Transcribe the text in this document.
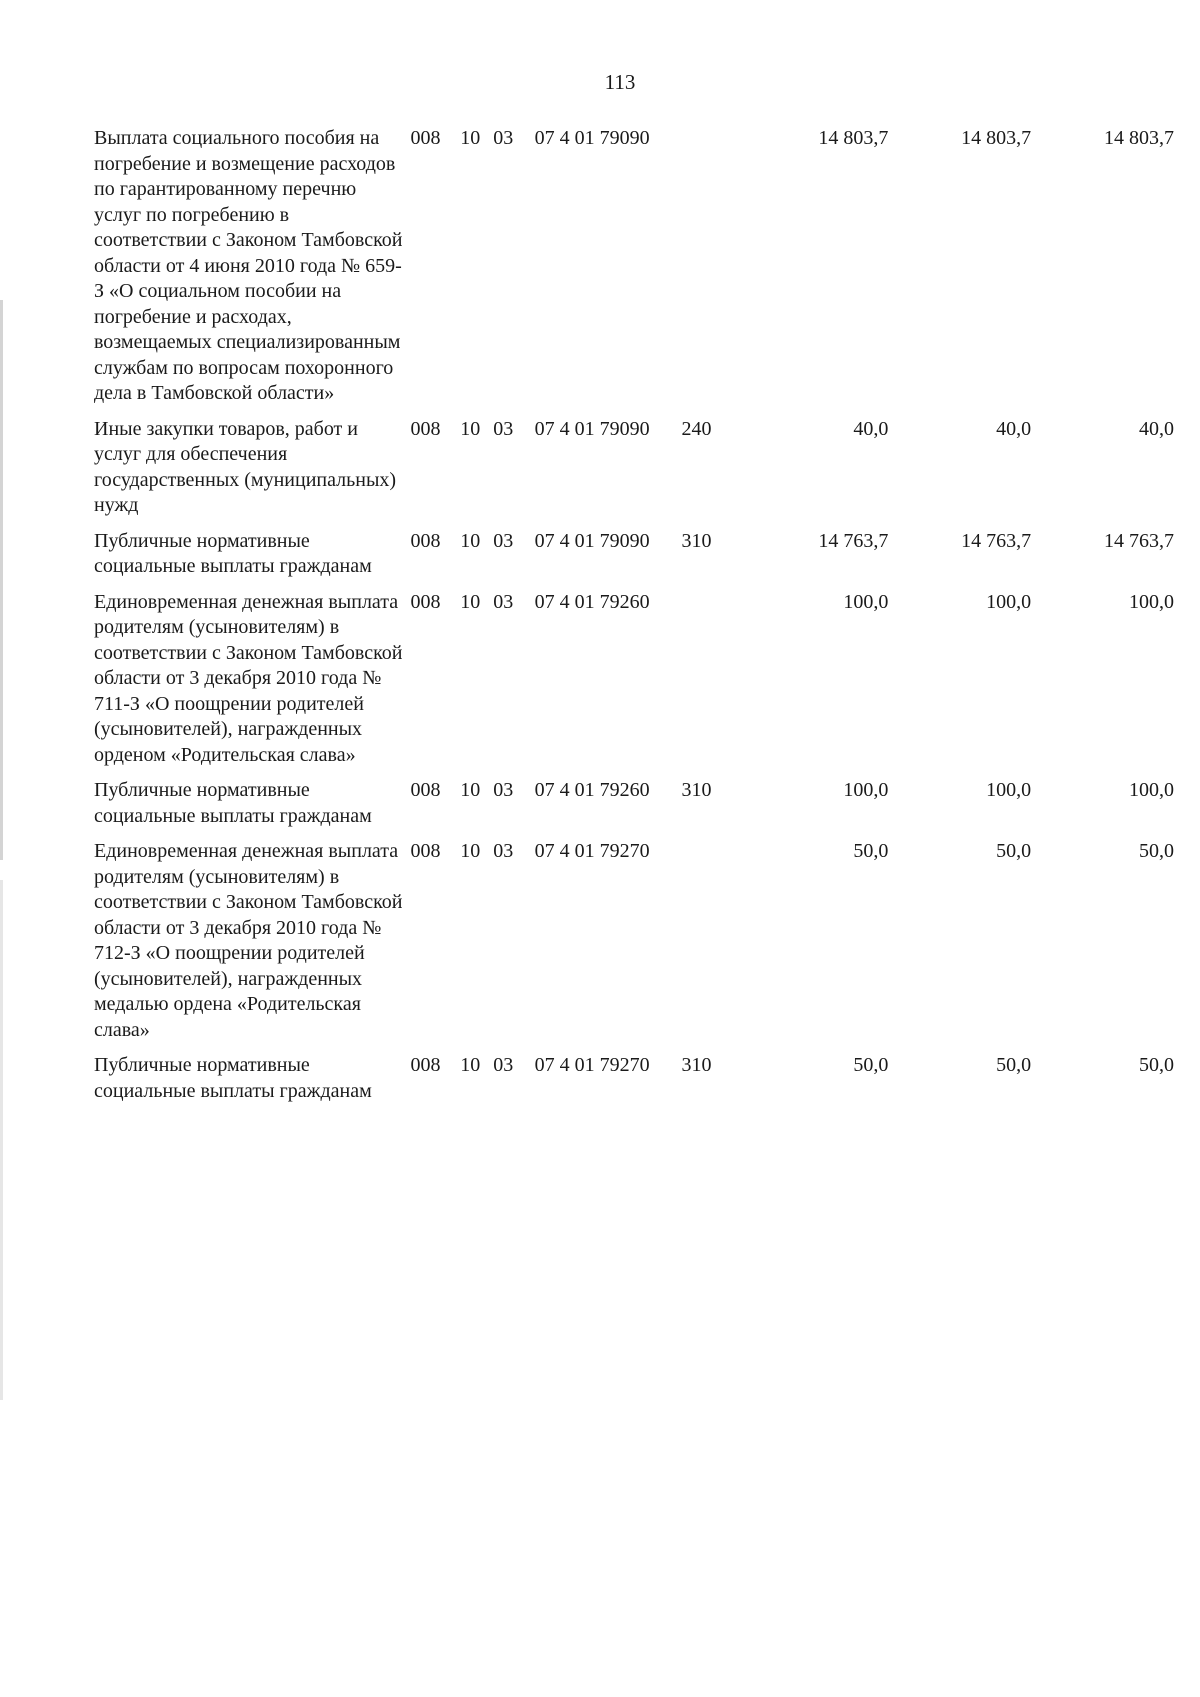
113
Выплата социального пособия на погребение и возмещение расходов по гарантированному перечню услуг по погребению в соответствии с Законом Тамбовской области от 4 июня 2010 года № 659-З «О социальном пособии на погребение и расходах, возмещаемых специализированным службам по вопросам похоронного дела в Тамбовской области»	008	10	03	07 4 01 79090		14 803,7	14 803,7	14 803,7
Иные закупки товаров, работ и услуг для обеспечения государственных (муниципальных) нужд	008	10	03	07 4 01 79090	240	40,0	40,0	40,0
Публичные нормативные социальные выплаты гражданам	008	10	03	07 4 01 79090	310	14 763,7	14 763,7	14 763,7
Единовременная денежная выплата родителям (усыновителям) в соответствии с Законом Тамбовской области от 3 декабря 2010 года № 711-З «О поощрении родителей (усыновителей), награжденных орденом «Родительская слава»	008	10	03	07 4 01 79260		100,0	100,0	100,0
Публичные нормативные социальные выплаты гражданам	008	10	03	07 4 01 79260	310	100,0	100,0	100,0
Единовременная денежная выплата родителям (усыновителям) в соответствии с Законом Тамбовской области от 3 декабря 2010 года № 712-З «О поощрении родителей (усыновителей), награжденных медалью ордена «Родительская слава»	008	10	03	07 4 01 79270		50,0	50,0	50,0
Публичные нормативные социальные выплаты гражданам	008	10	03	07 4 01 79270	310	50,0	50,0	50,0
